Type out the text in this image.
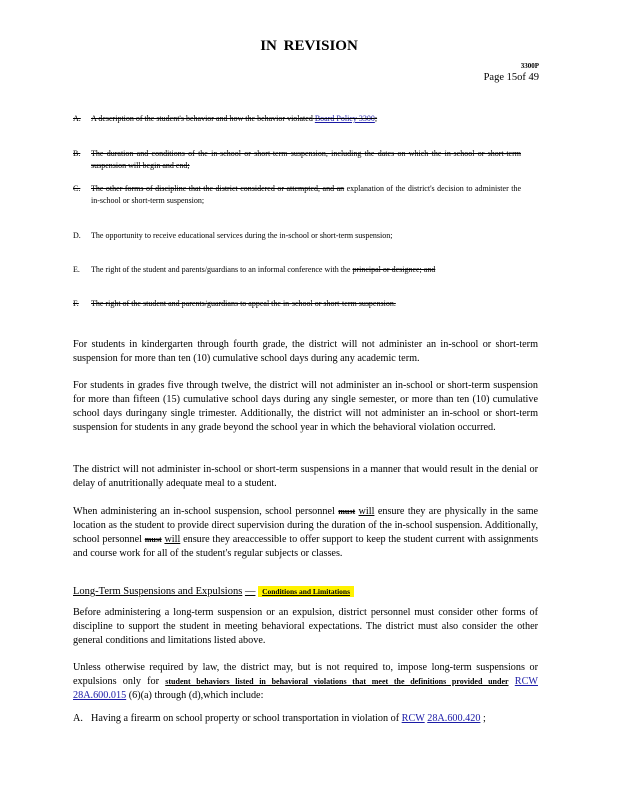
IN REVISION
3300P
Page 15of 49
A. A description of the student's behavior and how the behavior violated Board Policy 3300;
B. The duration and conditions of the in-school or short-term suspension, including the dates on which the in-school or short-term suspension will begin and end;
C. The other forms of discipline that the district considered or attempted, and an explanation of the district's decision to administer the in-school or short-term suspension;
D. The opportunity to receive educational services during the in-school or short-term suspension;
E. The right of the student and parents/guardians to an informal conference with the principal or designee; and
F. The right of the student and parents/guardians to appeal the in-school or short-term suspension.
For students in kindergarten through fourth grade, the district will not administer an in-school or short-term suspension for more than ten (10) cumulative school days during any academic term.
For students in grades five through twelve, the district will not administer an in-school or short-term suspension for more than fifteen (15) cumulative school days during any single semester, or more than ten (10) cumulative school days duringany single trimester. Additionally, the district will not administer an in-school or short-term suspension for students in any grade beyond the school year in which the behavioral violation occurred.
The district will not administer in-school or short-term suspensions in a manner that would result in the denial or delay of anutritionally adequate meal to a student.
When administering an in-school suspension, school personnel must will ensure they are physically in the same location as the student to provide direct supervision during the duration of the in-school suspension. Additionally, school personnel must will ensure they areaccessible to offer support to keep the student current with assignments and course work for all of the student's regular subjects or classes.
Long-Term Suspensions and Expulsions — Conditions and Limitations
Before administering a long-term suspension or an expulsion, district personnel must consider other forms of discipline to support the student in meeting behavioral expectations. The district must also consider the other general conditions and limitations listed above.
Unless otherwise required by law, the district may, but is not required to, impose long-term suspensions or expulsions only for student behaviors listed in behavioral violations that meet the definitions provided under RCW 28A.600.015 (6)(a) through (d),which include:
A. Having a firearm on school property or school transportation in violation of RCW 28A.600.420 ;
